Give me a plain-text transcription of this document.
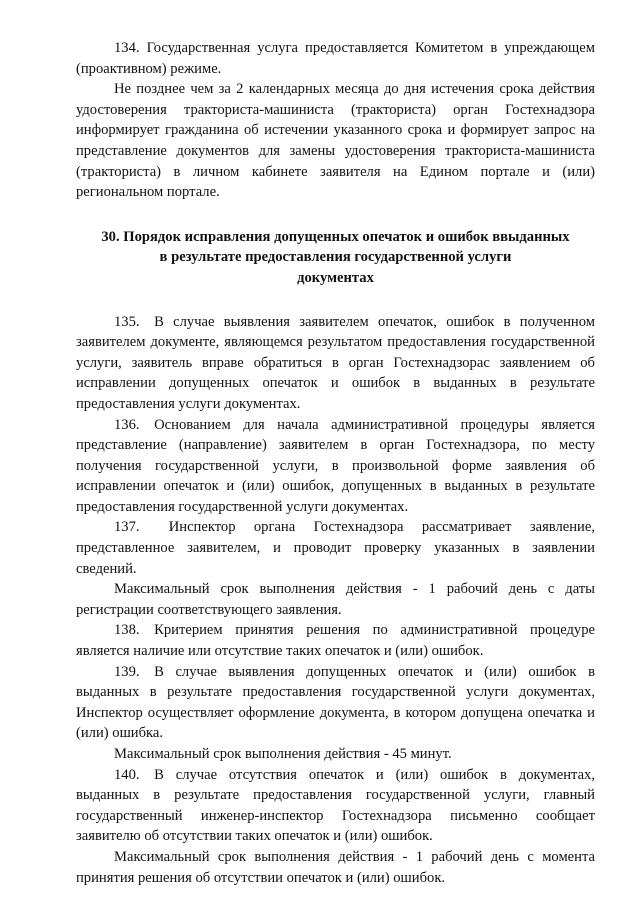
134. Государственная услуга предоставляется Комитетом в упреждающем (проактивном) режиме.

Не позднее чем за 2 календарных месяца до дня истечения срока действия удостоверения тракториста-машиниста (тракториста) орган Гостехнадзора информирует гражданина об истечении указанного срока и формирует запрос на представление документов для замены удостоверения тракториста-машиниста (тракториста) в личном кабинете заявителя на Едином портале и (или) региональном портале.

30. Порядок исправления допущенных опечаток и ошибок ввыданных
в результате предоставления государственной услуги
документах

135. В случае выявления заявителем опечаток, ошибок в полученном заявителем документе, являющемся результатом предоставления государственной услуги, заявитель вправе обратиться в орган Гостехнадзорас заявлением об исправлении допущенных опечаток и ошибок в выданных в результате предоставления услуги документах.

136. Основанием для начала административной процедуры является представление (направление) заявителем в орган Гостехнадзора, по месту получения государственной услуги, в произвольной форме заявления об исправлении опечаток и (или) ошибок, допущенных в выданных в результате предоставления государственной услуги документах.

137.  Инспектор органа Гостехнадзора рассматривает заявление, представленное заявителем, и проводит проверку указанных в заявлении сведений.

Максимальный срок выполнения действия - 1 рабочий день с даты регистрации соответствующего заявления.

138. Критерием принятия решения по административной процедуре является наличие или отсутствие таких опечаток и (или) ошибок.

139. В случае выявления допущенных опечаток и (или) ошибок в выданных в результате предоставления государственной услуги документах, Инспектор осуществляет оформление документа, в котором допущена опечатка и (или) ошибка.

Максимальный срок выполнения действия - 45 минут.

140. В случае отсутствия опечаток и (или) ошибок в документах, выданных в результате предоставления государственной услуги, главный государственный инженер-инспектор Гостехнадзора письменно сообщает заявителю об отсутствии таких опечаток и (или) ошибок.

Максимальный срок выполнения действия - 1 рабочий день с момента принятия решения об отсутствии опечаток и (или) ошибок.
